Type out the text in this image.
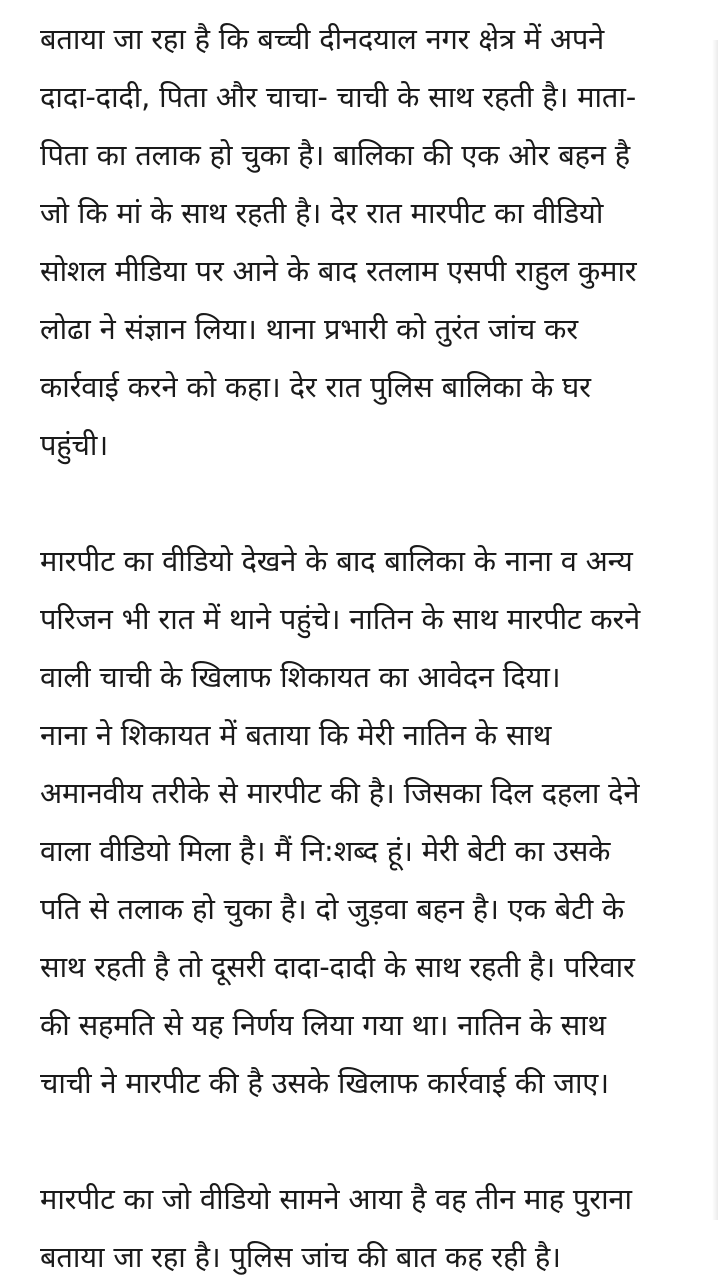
बताया जा रहा है कि बच्ची दीनदयाल नगर क्षेत्र में अपने
दादा-दादी, पिता और चाचा- चाची के साथ रहती है। माता-
पिता का तलाक हो चुका है। बालिका की एक ओर बहन है
जो कि मां के साथ रहती है। देर रात मारपीट का वीडियो
सोशल मीडिया पर आने के बाद रतलाम एसपी राहुल कुमार
लोढा ने संज्ञान लिया। थाना प्रभारी को तुरंत जांच कर
कार्रवाई करने को कहा। देर रात पुलिस बालिका के घर
पहुंची।
मारपीट का वीडियो देखने के बाद बालिका के नाना व अन्य
परिजन भी रात में थाने पहुंचे। नातिन के साथ मारपीट करने
वाली चाची के खिलाफ शिकायत का आवेदन दिया।
नाना ने शिकायत में बताया कि मेरी नातिन के साथ
अमानवीय तरीके से मारपीट की है। जिसका दिल दहला देने
वाला वीडियो मिला है। मैं नि:शब्द हूं। मेरी बेटी का उसके
पति से तलाक हो चुका है। दो जुड़वा बहन है। एक बेटी के
साथ रहती है तो दूसरी दादा-दादी के साथ रहती है। परिवार
की सहमति से यह निर्णय लिया गया था। नातिन के साथ
चाची ने मारपीट की है उसके खिलाफ कार्रवाई की जाए।
मारपीट का जो वीडियो सामने आया है वह तीन माह पुराना
बताया जा रहा है। पुलिस जांच की बात कह रही है।
